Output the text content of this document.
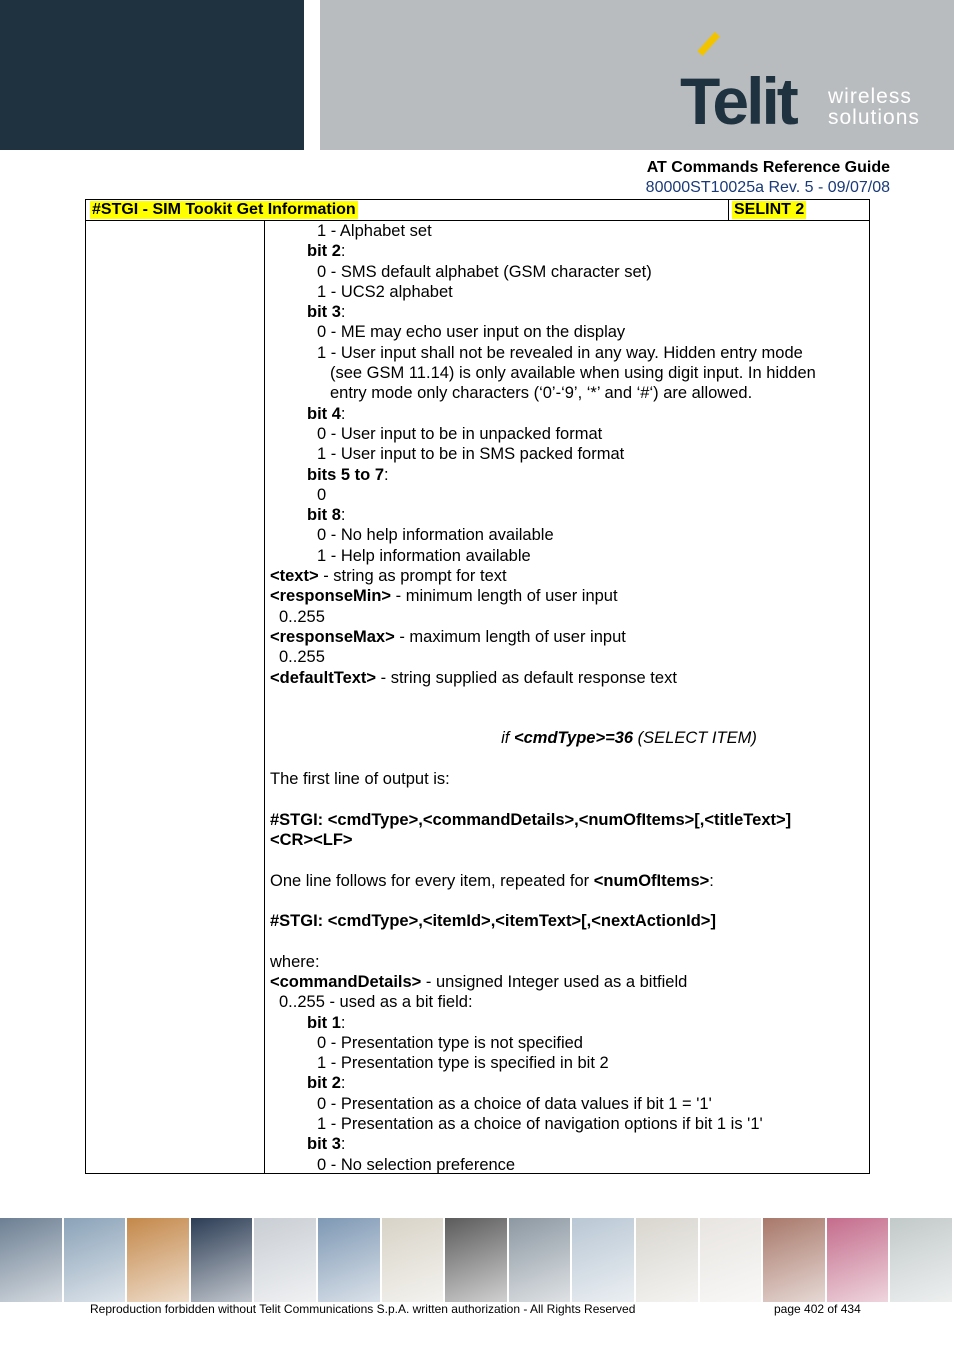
Telit wireless
solutions
AT Commands Reference Guide
80000ST10025a Rev. 5 - 09/07/08
#STGI - SIM Tookit Get Information	SELINT 2
1 - Alphabet set
bit 2:
0 - SMS default alphabet (GSM character set)
1 - UCS2 alphabet
bit 3:
0 - ME may echo user input on the display
1 - User input shall not be revealed in any way. Hidden entry mode
(see GSM 11.14) is only available when using digit input. In hidden
entry mode only characters (‘0’-‘9’, ‘*’ and ‘#‘) are allowed.
bit 4:
0 - User input to be in unpacked format
1 - User input to be in SMS packed format
bits 5 to 7:
0
bit 8:
0 - No help information available
1 - Help information available
<text> - string as prompt for text
<responseMin> - minimum length of user input
0..255
<responseMax> - maximum length of user input
0..255
<defaultText> - string supplied as default response text
if <cmdType>=36 (SELECT ITEM)
The first line of output is:
#STGI: <cmdType>,<commandDetails>,<numOfItems>[,<titleText>]
<CR><LF>
One line follows for every item, repeated for <numOfItems>:
#STGI: <cmdType>,<itemId>,<itemText>[,<nextActionId>]
where:
<commandDetails> - unsigned Integer used as a bitfield
0..255 - used as a bit field:
bit 1:
0 - Presentation type is not specified
1 - Presentation type is specified in bit 2
bit 2:
0 - Presentation as a choice of data values if bit 1 = '1'
1 - Presentation as a choice of navigation options if bit 1 is '1'
bit 3:
0 - No selection preference
Reproduction forbidden without Telit Communications S.p.A. written authorization - All Rights Reserved	page 402 of 434
